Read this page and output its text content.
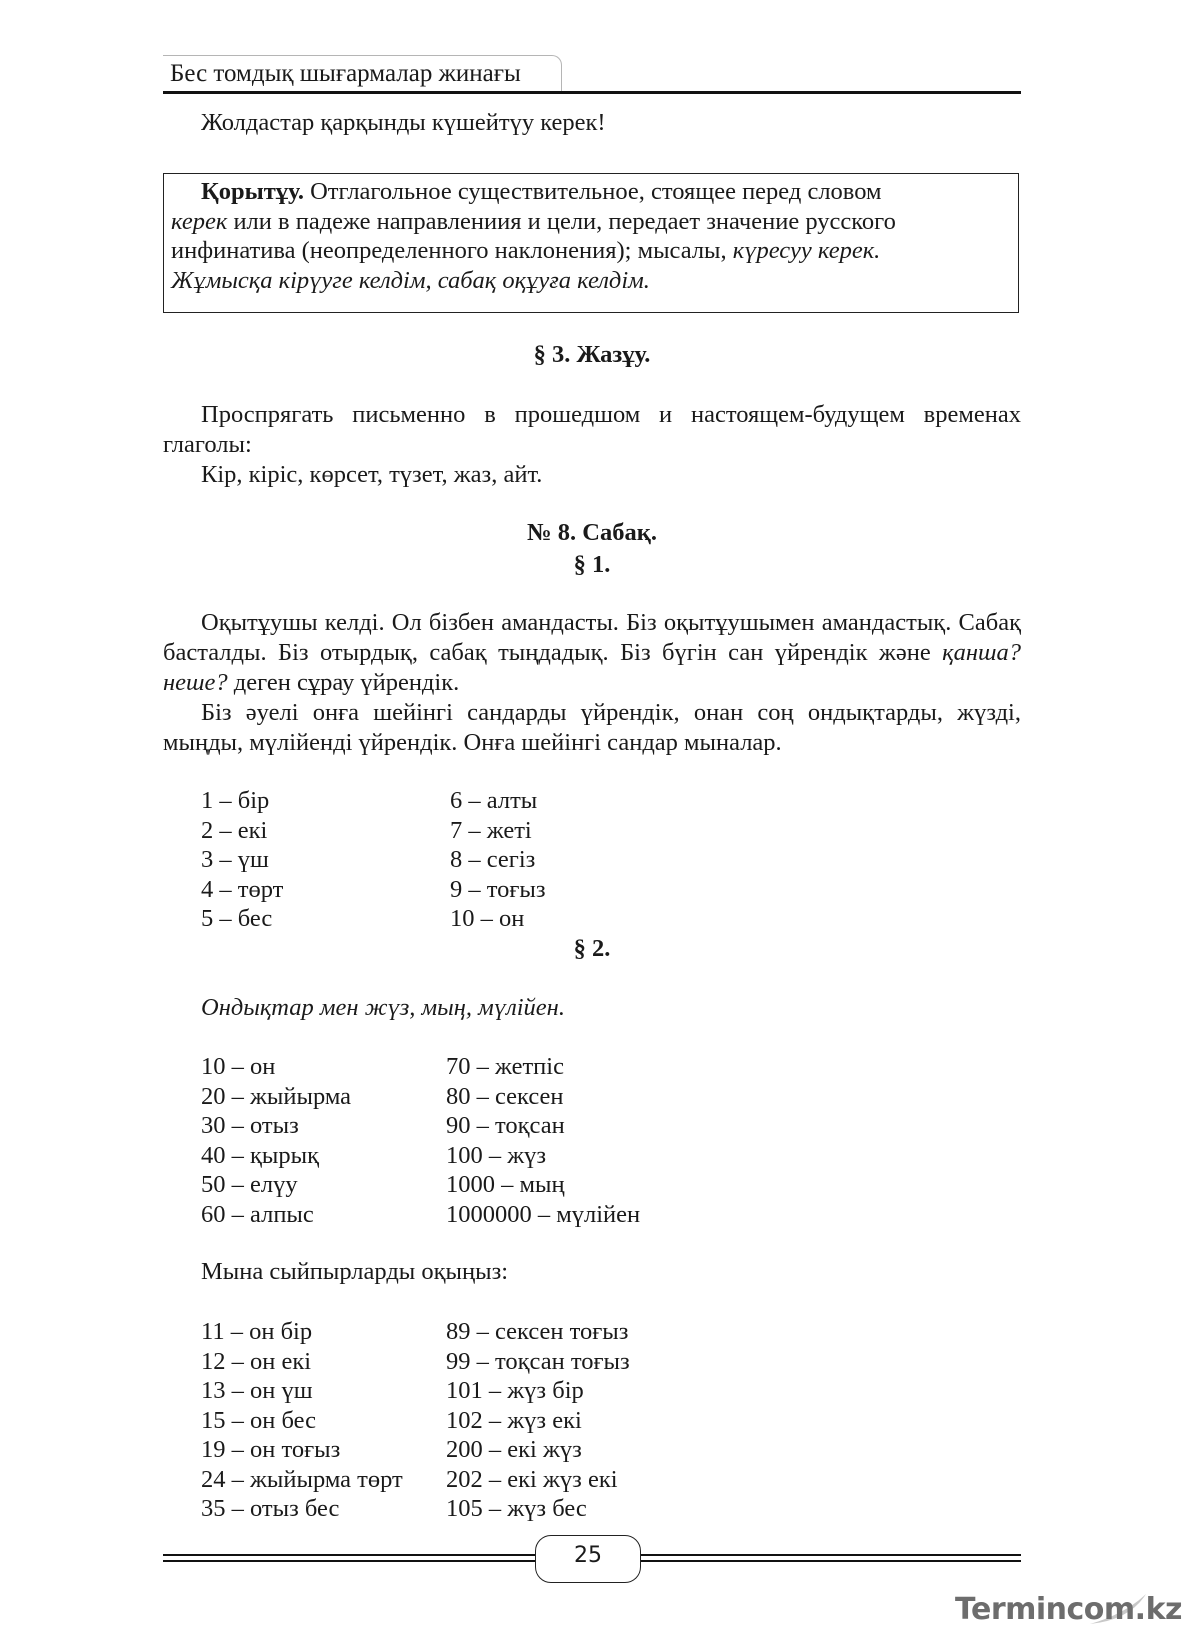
Бес томдық шығармалар жинағы
Жолдастар қарқынды күшейтүу керек!

Қорытұу. Отглагольное существительное, стоящее перед словом

керек или в падеже направлениия и цели, передает значение русского

инфинатива (неопределенного наклонения); мысалы, күресуу керек.

Жұмысқа кірүуге келдім, сабақ оқұуға келдім.

§ 3. Жазұу.

Проспрягать письменно в прошедшом и настоящем-будущем временах глаголы:

Кір, кіріс, көрсет, түзет, жаз, айт.

№ 8. Сабақ.
§ 1.

Оқытұушы келді. Ол бізбен амандасты. Біз оқытұушымен амандастық. Сабақ басталды. Біз отырдық, сабақ тыңдадық. Біз бүгін сан үйрендік және қанша? неше? деген сұрау үйрендік.

Біз әуелі онға шейінгі сандарды үйрендік, онан соң ондықтарды, жүзді, мыңды, мүлійенді үйрендік. Онға шейінгі сандар мыналар.

1 – бір
2 – екі
3 – үш
4 – төрт
5 – бес
6 – алты
7 – жеті
8 – сегіз
9 – тоғыз
10 – он
§ 2.
Ондықтар мен жүз, мың, мүлійен.
10 – он
20 – жыйырма
30 – отыз
40 – қырық
50 – елүу
60 – алпыс
70 – жетпіс
80 – сексен
90 – тоқсан
100 – жүз
1000 – мың
1000000 – мүлійен
Мына сыйпырларды оқыңыз:
11 – он бір
12 – он екі
13 – он үш
15 – он бес
19 – он тоғыз
24 – жыйырма төрт
35 – отыз бес
89 – сексен тоғыз
99 – тоқсан тоғыз
101 – жүз бір
102 – жүз екі
200 – екі жүз
202 – екі жүз екі
105 – жүз бес
25
Termincom.kz
